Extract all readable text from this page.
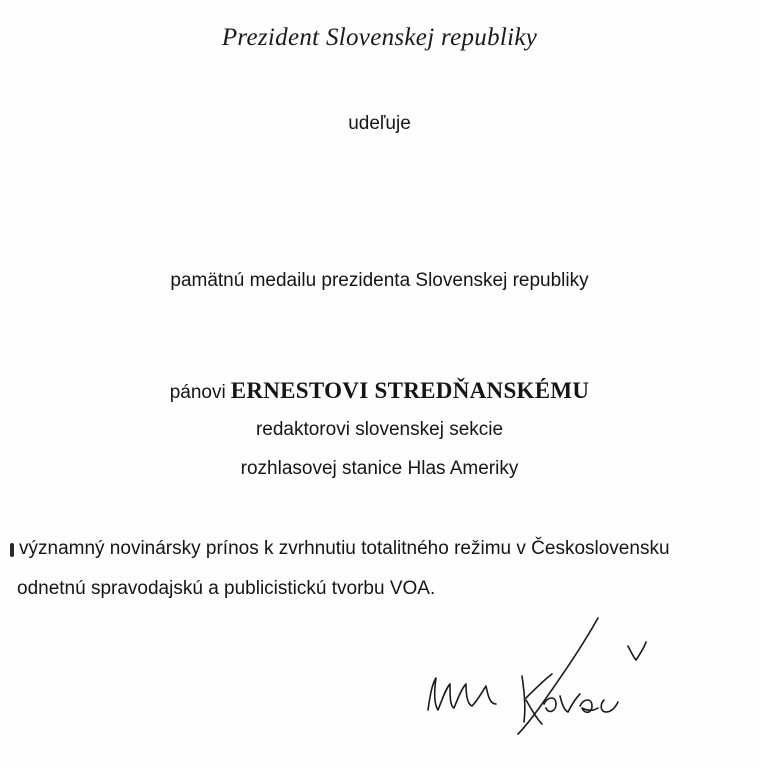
Prezident Slovenskej republiky
udeľuje
pamätnú medailu prezidenta Slovenskej republiky
pánovi ERNESTOVI STREDŇANSKÉMU
redaktorovi slovenskej sekcie
rozhlasovej stanice Hlas Ameriky
významný novinársky prínos k zvrhnutiu totalitného režimu v Československu
odnetnú spravodajskú a publicistickú tvorbu VOA.
